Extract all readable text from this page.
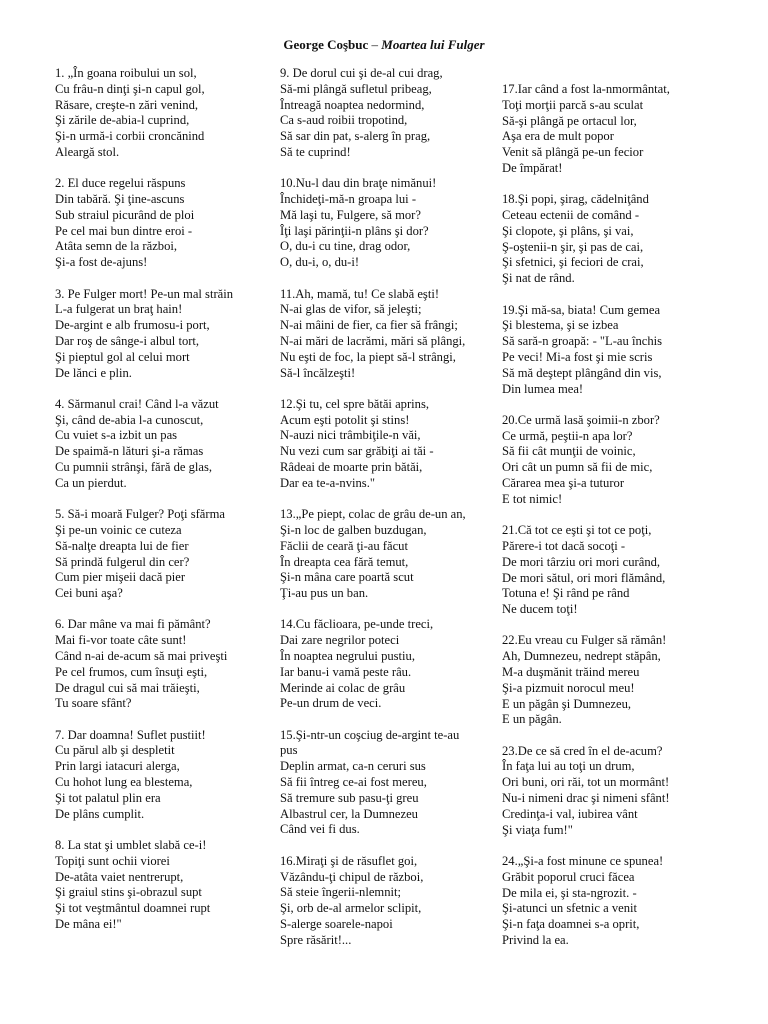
George Coşbuc – Moartea lui Fulger
1. „În goana roibului un sol,
Cu frâu-n dinţi şi-n capul gol,
Răsare, creşte-n zări venind,
Şi zările de-abia-l cuprind,
Şi-n urmă-i corbii croncănind
Aleargă stol.
2. El duce regelui răspuns
Din tabără. Şi ţine-ascuns
Sub straiul picurând de ploi
Pe cel mai bun dintre eroi -
Atâta semn de la război,
Şi-a fost de-ajuns!
3. Pe Fulger mort! Pe-un mal străin
L-a fulgerat un braţ hain!
De-argint e alb frumosu-i port,
Dar roş de sânge-i albul tort,
Şi pieptul gol al celui mort
De lănci e plin.
4. Sărmanul crai! Când l-a văzut
Şi, când de-abia l-a cunoscut,
Cu vuiet s-a izbit un pas
De spaimă-n lături şi-a rămas
Cu pumnii strânşi, fără de glas,
Ca un pierdut.
5. Să-i moară Fulger? Poţi sfărma
Şi pe-un voinic ce cuteza
Să-nalţe dreapta lui de fier
Să prindă fulgerul din cer?
Cum pier mişeii dacă pier
Cei buni aşa?
6. Dar mâne va mai fi pământ?
Mai fi-vor toate câte sunt!
Când n-ai de-acum să mai priveşti
Pe cel frumos, cum însuţi eşti,
De dragul cui să mai trăieşti,
Tu soare sfânt?
7. Dar doamna! Suflet pustiit!
Cu părul alb şi despletit
Prin largi iatacuri alerga,
Cu hohot lung ea blestema,
Şi tot palatul plin era
De plâns cumplit.
8. La stat şi umblet slabă ce-i!
Topiţi sunt ochii viorei
De-atâta vaiet nentrerupt,
Şi graiul stins şi-obrazul supt
Şi tot veştmântul doamnei rupt
De mâna ei!"
9. De dorul cui şi de-al cui drag,
Să-mi plângă sufletul pribeag,
Întreagă noaptea nedormind,
Ca s-aud roibii tropotind,
Să sar din pat, s-alerg în prag,
Să te cuprind!
10.Nu-l dau din braţe nimănui!
Închideţi-mă-n groapa lui -
Mă laşi tu, Fulgere, să mor?
Îţi laşi părinţii-n plâns şi dor?
O, du-i cu tine, drag odor,
O, du-i, o, du-i!
11.Ah, mamă, tu! Ce slabă eşti!
N-ai glas de vifor, să jeleşti;
N-ai mâini de fier, ca fier să frângi;
N-ai mări de lacrămi, mări să plângi,
Nu eşti de foc, la piept să-l strângi,
Să-l încălzeşti!
12.Şi tu, cel spre bătăi aprins,
Acum eşti potolit şi stins!
N-auzi nici trâmbiţile-n văi,
Nu vezi cum sar grăbiţi ai tăi -
Râdeai de moarte prin bătăi,
Dar ea te-a-nvins."
13.„Pe piept, colac de grâu de-un an,
Şi-n loc de galben buzdugan,
Făclii de ceară ţi-au făcut
În dreapta cea fără temut,
Şi-n mâna care poartă scut
Ţi-au pus un ban.
14.Cu făclioara, pe-unde treci,
Dai zare negrilor poteci
În noaptea negrului pustiu,
Iar banu-i vamă peste râu.
Merinde ai colac de grâu
Pe-un drum de veci.
15.Şi-ntr-un coşciug de-argint te-au
pus
Deplin armat, ca-n ceruri sus
Să fii întreg ce-ai fost mereu,
Să tremure sub pasu-ţi greu
Albastrul cer, la Dumnezeu
Când vei fi dus.
16.Miraţi şi de răsuflet goi,
Văzându-ţi chipul de război,
Să steie îngerii-nlemnit;
Şi, orb de-al armelor sclipit,
S-alerge soarele-napoi
Spre răsărit!...
17.Iar când a fost la-nmormântat,
Toţi morţii parcă s-au sculat
Să-şi plângă pe ortacul lor,
Aşa era de mult popor
Venit să plângă pe-un fecior
De împărat!
18.Şi popi, şirag, cădelniţând
Ceteau ectenii de comând -
Şi clopote, şi plâns, şi vai,
Ş-oştenii-n şir, şi pas de cai,
Şi sfetnici, şi feciori de crai,
Şi nat de rând.
19.Şi mă-sa, biata! Cum gemea
Şi blestema, şi se izbea
Să sară-n groapă: - "L-au închis
Pe veci! Mi-a fost şi mie scris
Să mă deştept plângând din vis,
Din lumea mea!
20.Ce urmă lasă şoimii-n zbor?
Ce urmă, peştii-n apa lor?
Să fii cât munţii de voinic,
Ori cât un pumn să fii de mic,
Cărarea mea şi-a tuturor
E tot nimic!
21.Că tot ce eşti şi tot ce poţi,
Părere-i tot dacă socoţi -
De mori târziu ori mori curând,
De mori sătul, ori mori flămând,
Totuna e! Şi rând pe rând
Ne ducem toţi!
22.Eu vreau cu Fulger să rămân!
Ah, Dumnezeu, nedrept stăpân,
M-a duşmănit trăind mereu
Şi-a pizmuit norocul meu!
E un păgân şi Dumnezeu,
E un păgân.
23.De ce să cred în el de-acum?
În faţa lui au toţi un drum,
Ori buni, ori răi, tot un mormânt!
Nu-i nimeni drac şi nimeni sfânt!
Credinţa-i val, iubirea vânt
Şi viaţa fum!"
24.„Şi-a fost minune ce spunea!
Grăbit poporul cruci făcea
De mila ei, şi sta-ngrozit. -
Şi-atunci un sfetnic a venit
Şi-n faţa doamnei s-a oprit,
Privind la ea.
